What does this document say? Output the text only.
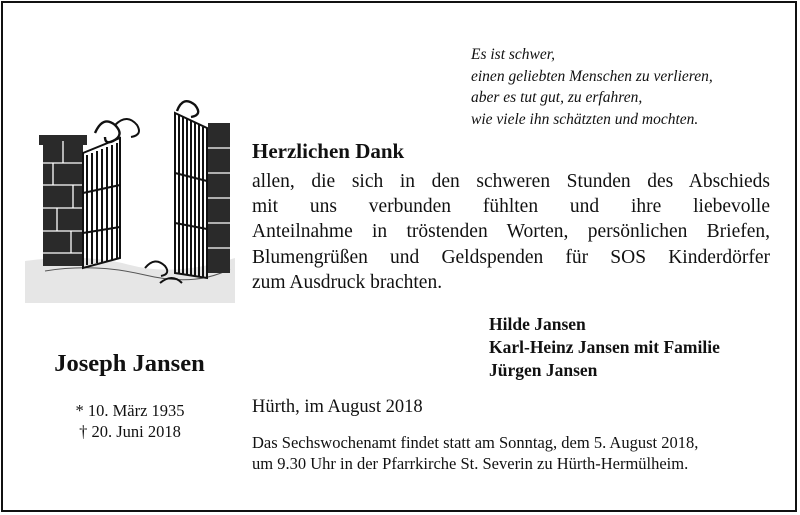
Es ist schwer,
einen geliebten Menschen zu verlieren,
aber es tut gut, zu erfahren,
wie viele ihn schätzten und mochten.
Herzlichen Dank
allen, die sich in den schweren Stunden des Abschieds
mit uns verbunden fühlten und ihre liebevolle
Anteilnahme in tröstenden Worten, persönlichen Briefen,
Blumengrüßen und Geldspenden für SOS Kinderdörfer
zum Ausdruck brachten.
Hilde Jansen
Karl-Heinz Jansen mit Familie
Jürgen Jansen
Joseph Jansen
* 10. März 1935
† 20. Juni 2018
Hürth, im August 2018
Das Sechswochenamt findet statt am Sonntag, dem 5. August 2018,
um 9.30 Uhr in der Pfarrkirche St. Severin zu Hürth-Hermülheim.
